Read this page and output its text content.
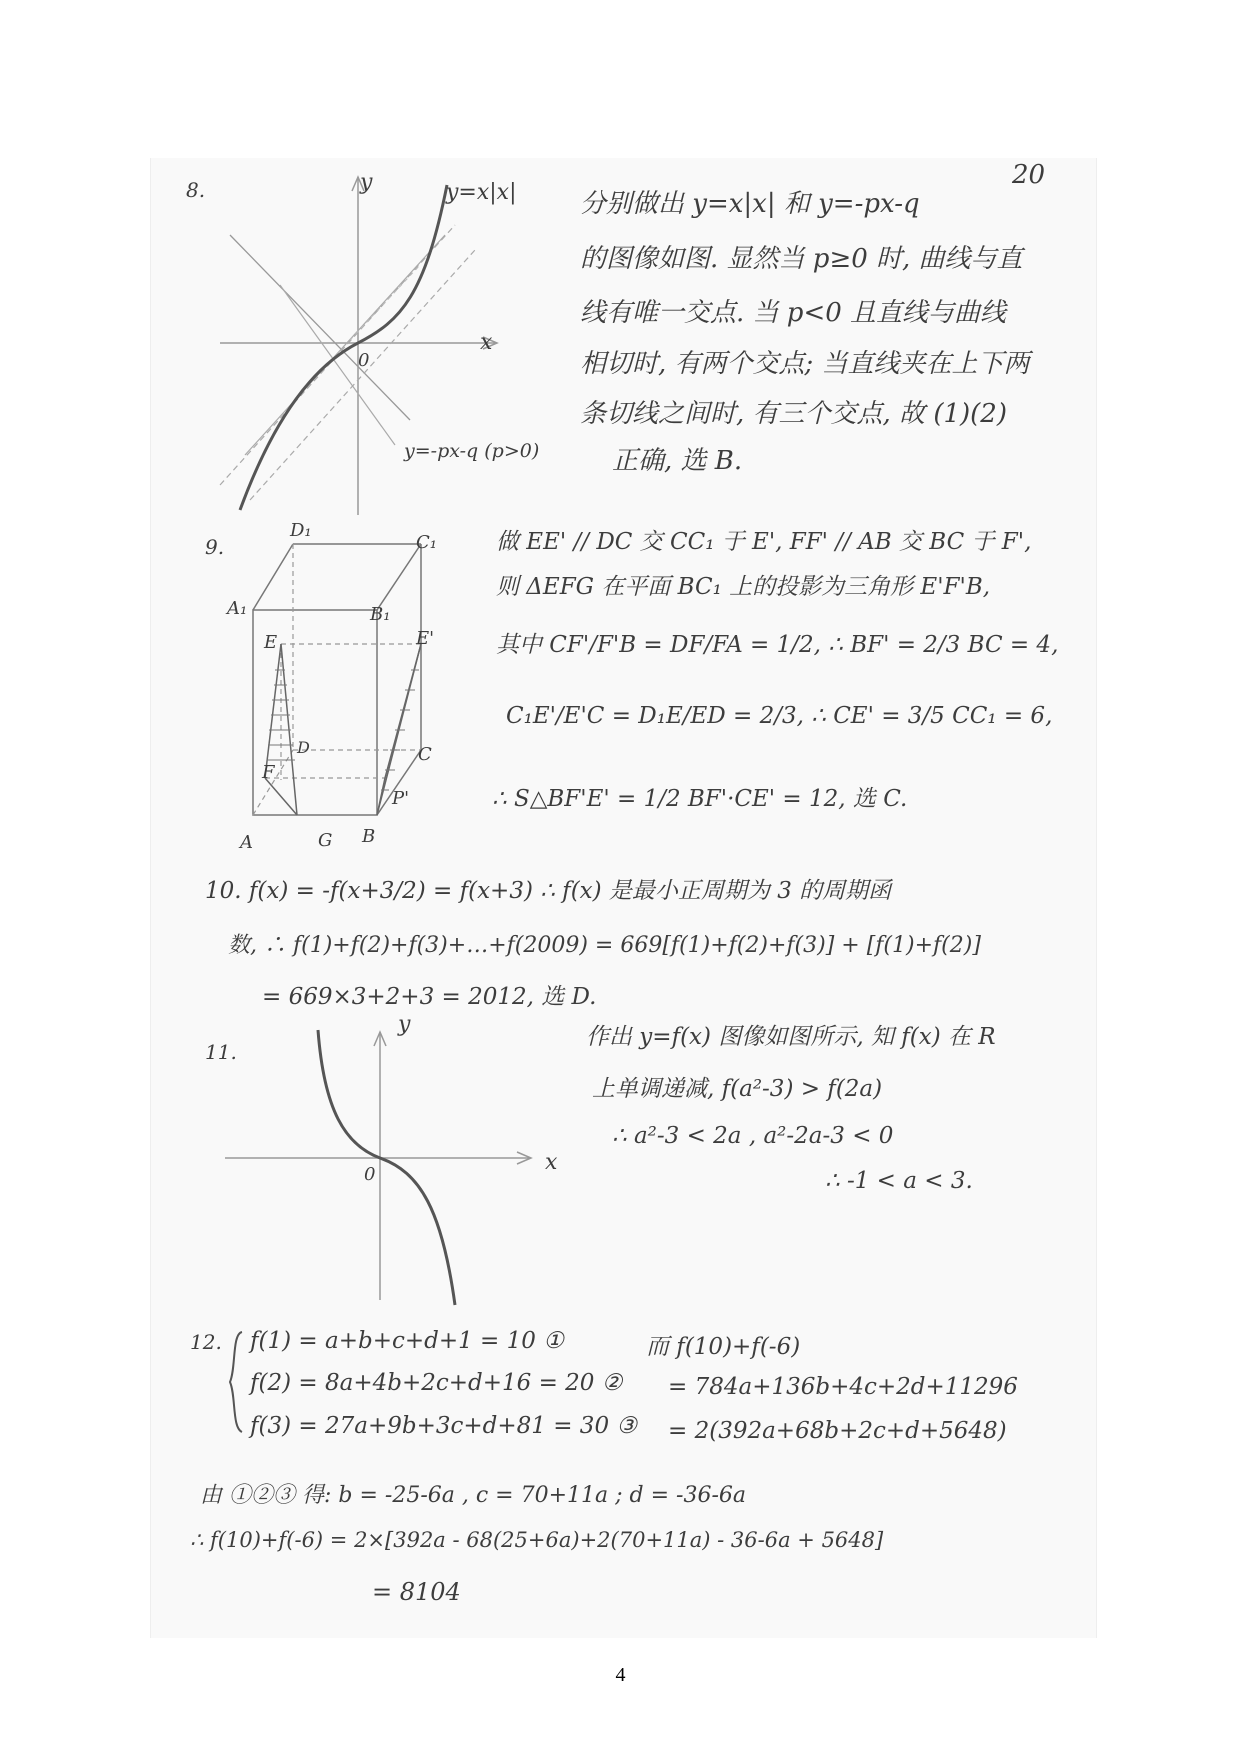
20
8.	y
x
0
y=x|x|
y=-px-q (p>0)
分别做出 y=x|x| 和 y=-px-q
的图像如图. 显然当 p≥0 时, 曲线与直
线有唯一交点. 当 p<0 且直线与曲线
相切时, 有两个交点; 当直线夹在上下两
条切线之间时, 有三个交点, 故 (1)(2)
正确, 选 B.
9.
D₁
C₁
A₁	B₁
E	E'
D	C
F
P'
A	G B
做 EE' // DC 交 CC₁ 于 E', FF' // AB 交 BC 于 F',
则 ΔEFG 在平面 BC₁ 上的投影为三角形 E'F'B,
其中 CF'/F'B = DF/FA = 1/2, ∴ BF' = 2/3 BC = 4,
C₁E'/E'C = D₁E/ED = 2/3, ∴ CE' = 3/5 CC₁ = 6,
∴ S△BF'E' = 1/2 BF'·CE' = 12, 选 C.
10. f(x) = -f(x+3/2) = f(x+3) ∴ f(x) 是最小正周期为 3 的周期函
数, ∴ f(1)+f(2)+f(3)+…+f(2009) = 669[f(1)+f(2)+f(3)] + [f(1)+f(2)]
= 669×3+2+3 = 2012, 选 D.
11.
y
x
0
作出 y=f(x) 图像如图所示, 知 f(x) 在 R
上单调递减, f(a²-3) > f(2a)
∴ a²-3 < 2a , a²-2a-3 < 0
∴ -1 < a < 3.
12. f(1) = a+b+c+d+1 = 10 ①
f(2) = 8a+4b+2c+d+16 = 20 ②
f(3) = 27a+9b+3c+d+81 = 30 ③
而 f(10)+f(-6)
= 784a+136b+4c+2d+11296
= 2(392a+68b+2c+d+5648)
由 ①②③ 得: b = -25-6a , c = 70+11a ; d = -36-6a
∴ f(10)+f(-6) = 2×[392a - 68(25+6a)+2(70+11a) - 36-6a + 5648]
= 8104
4
